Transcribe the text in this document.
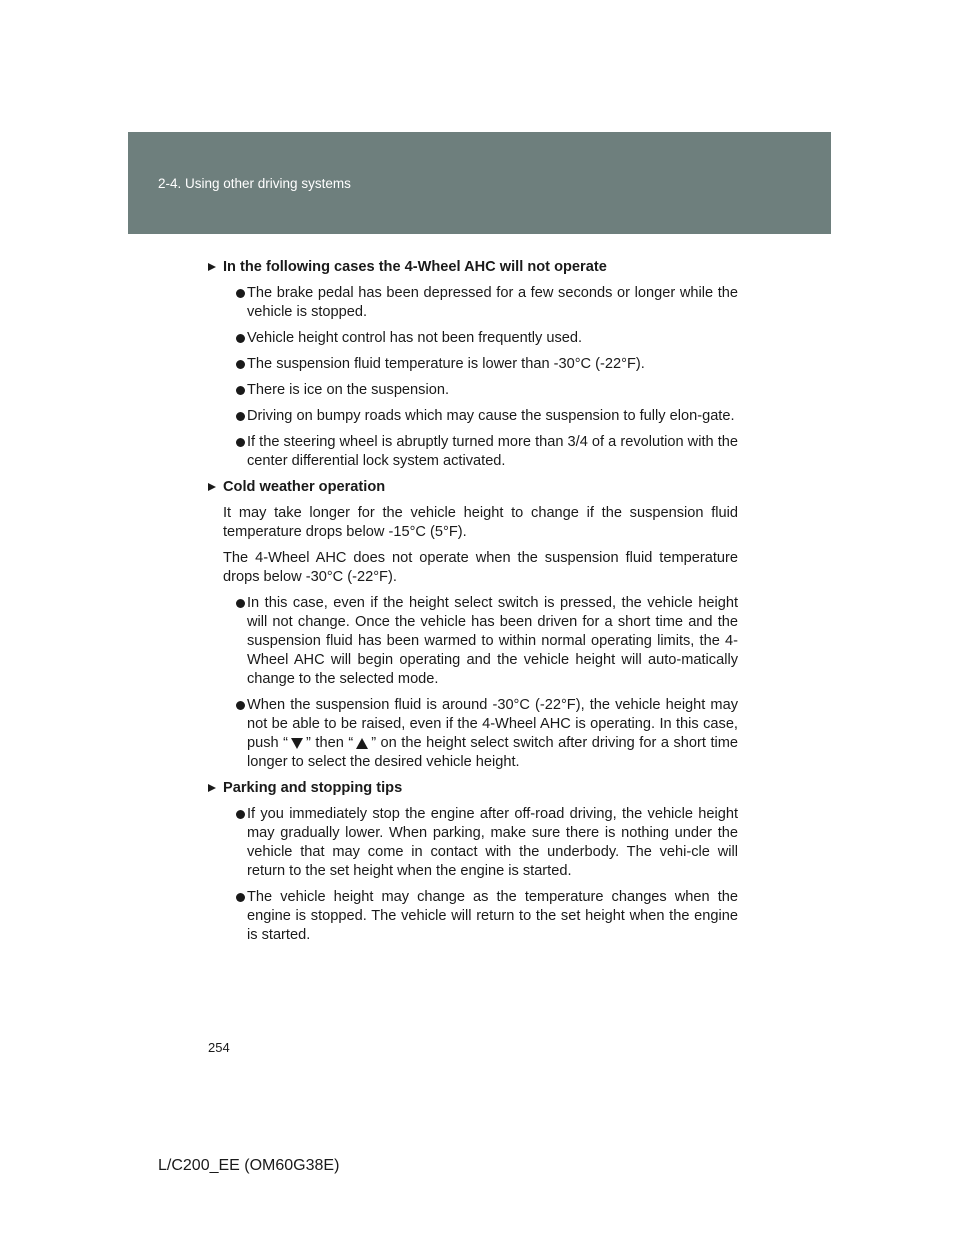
2-4. Using other driving systems
In the following cases the 4-Wheel AHC will not operate
The brake pedal has been depressed for a few seconds or longer while the vehicle is stopped.
Vehicle height control has not been frequently used.
The suspension fluid temperature is lower than -30°C (-22°F).
There is ice on the suspension.
Driving on bumpy roads which may cause the suspension to fully elon-gate.
If the steering wheel is abruptly turned more than 3/4 of a revolution with the center differential lock system activated.
Cold weather operation
It may take longer for the vehicle height to change if the suspension fluid temperature drops below -15°C (5°F).
The 4-Wheel AHC does not operate when the suspension fluid temperature drops below -30°C (-22°F).
In this case, even if the height select switch is pressed, the vehicle height will not change. Once the vehicle has been driven for a short time and the suspension fluid has been warmed to within normal operating limits, the 4-Wheel AHC will begin operating and the vehicle height will auto-matically change to the selected mode.
When the suspension fluid is around -30°C (-22°F), the vehicle height may not be able to be raised, even if the 4-Wheel AHC is operating. In this case, push “ ” then “ ” on the height select switch after driving for a short time longer to select the desired vehicle height.
Parking and stopping tips
If you immediately stop the engine after off-road driving, the vehicle height may gradually lower. When parking, make sure there is nothing under the vehicle that may come in contact with the underbody. The vehi-cle will return to the set height when the engine is started.
The vehicle height may change as the temperature changes when the engine is stopped. The vehicle will return to the set height when the engine is started.
254
L/C200_EE (OM60G38E)
